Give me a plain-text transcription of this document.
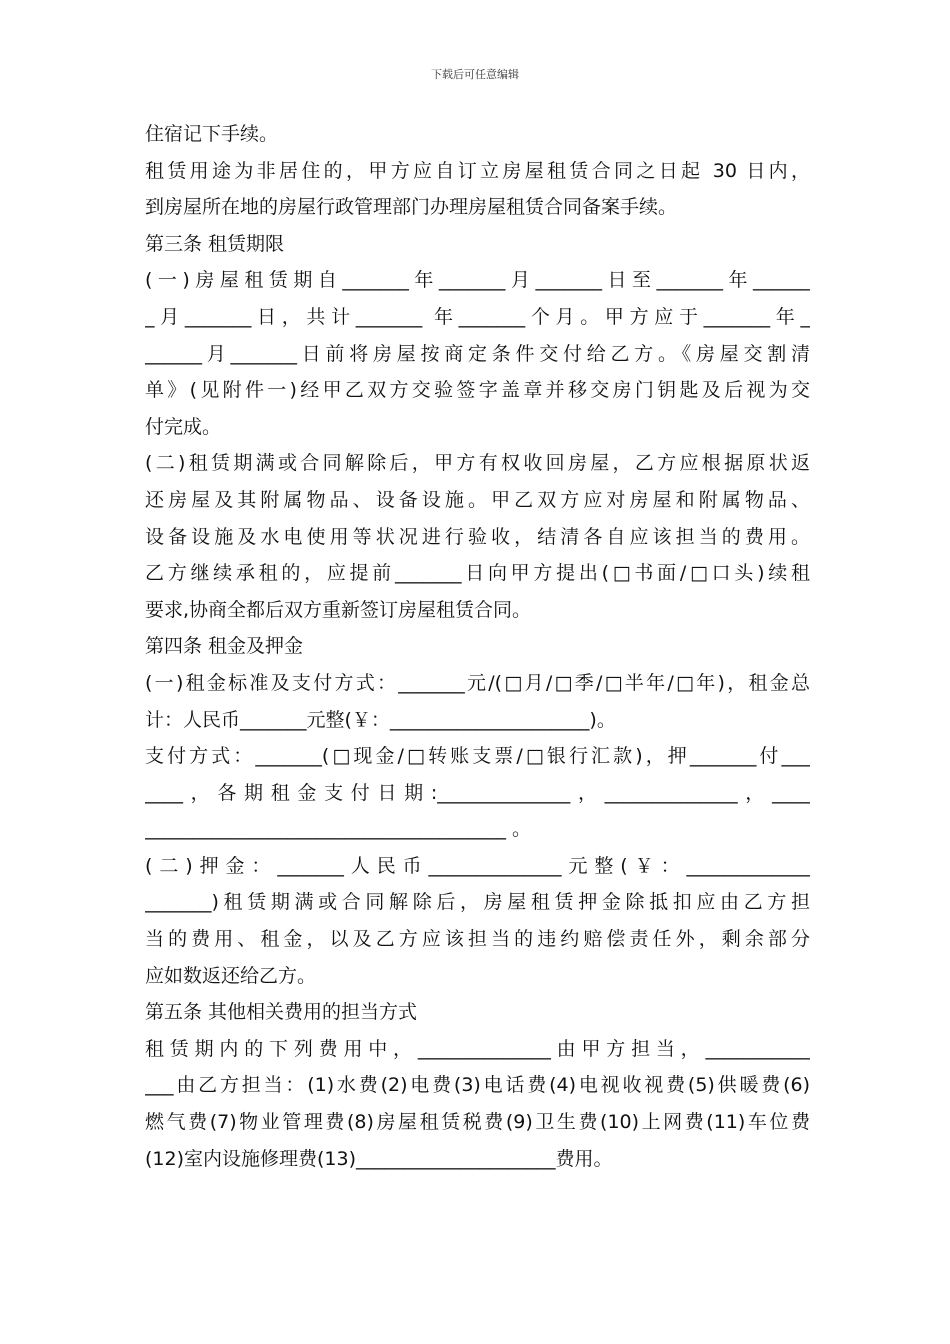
下载后可任意编辑
住宿记下手续。
租赁用途为非居住的，甲方应自订立房屋租赁合同之日起 30 日内，
到房屋所在地的房屋行政管理部门办理房屋租赁合同备案手续。
第三条 租赁期限
(一)房屋租赁期自_______年_______月_______日至_______年______
_月_______日，共计_______ 年_______个月。甲方应于_______年_
______月_______日前将房屋按商定条件交付给乙方。《房屋交割清
单》(见附件一)经甲乙双方交验签字盖章并移交房门钥匙及后视为交
付完成。
(二)租赁期满或合同解除后，甲方有权收回房屋，乙方应根据原状返
还房屋及其附属物品、设备设施。甲乙双方应对房屋和附属物品、
设备设施及水电使用等状况进行验收，结清各自应该担当的费用。
乙方继续承租的，应提前_______日向甲方提出(□书面/□口头)续租
要求,协商全都后双方重新签订房屋租赁合同。
第四条 租金及押金
(一)租金标准及支付方式：_______元/(□月/□季/□半年/□年)，租金总
计：人民币_______元整(￥：_____________________)。
支付方式：_______(□现金/□转账支票/□银行汇款)，押_______付___
____，各期租金支付日期:______________，______________，____
______________________________________ 。
(二)押金：_______人民币______________元整(￥：_____________
_______)租赁期满或合同解除后，房屋租赁押金除抵扣应由乙方担
当的费用、租金，以及乙方应该担当的违约赔偿责任外，剩余部分
应如数返还给乙方。
第五条 其他相关费用的担当方式
租赁期内的下列费用中，______________由甲方担当，___________
___由乙方担当：(1)水费(2)电费(3)电话费(4)电视收视费(5)供暖费(6)
燃气费(7)物业管理费(8)房屋租赁税费(9)卫生费(10)上网费(11)车位费
(12)室内设施修理费(13)_____________________费用。
